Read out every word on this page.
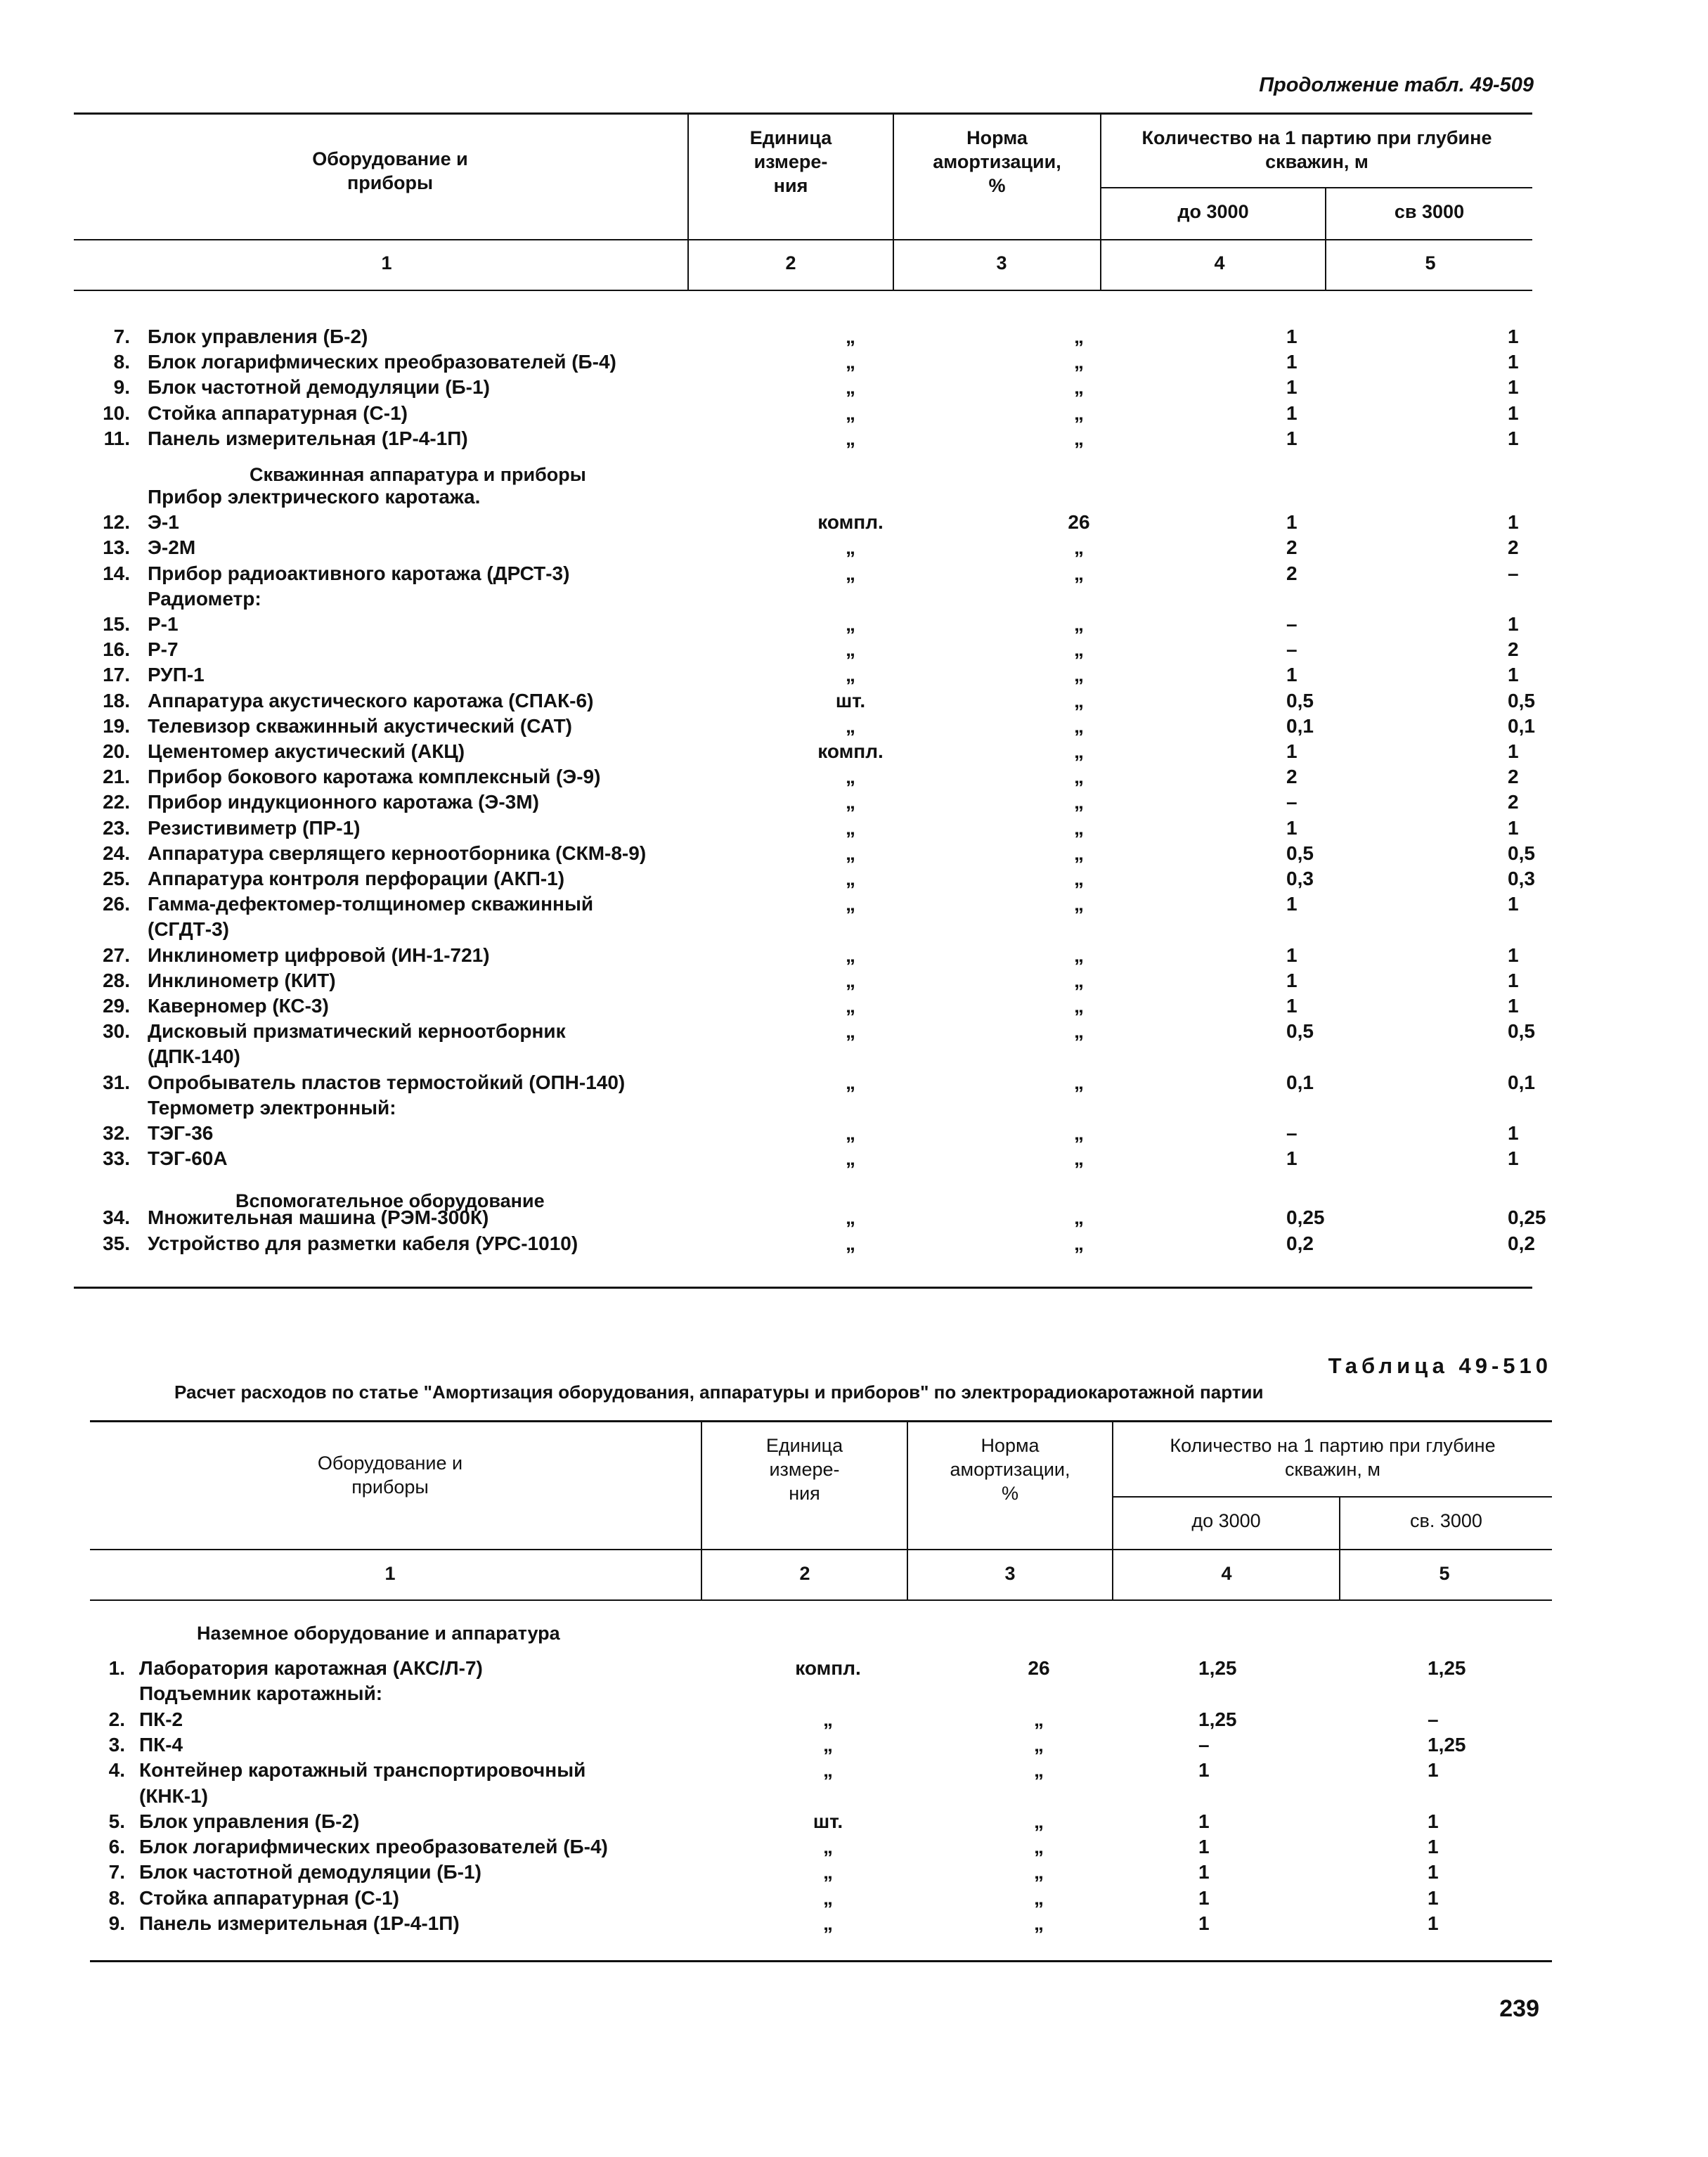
Продолжение табл. 49-509
Оборудование и
приборы
Единица
измере-
ния
Норма
амортизации,
%
Количество на 1 партию при глубине
скважин, м
до 3000	св 3000
1	2	3	4	5
7. Блок управления (Б-2)	„	„	1	1
8. Блок логарифмических преобразователей (Б-4)	„	„	1	1
9. Блок частотной демодуляции (Б-1)	„	„	1	1
10. Стойка аппаратурная (С-1)	„	„	1	1
11. Панель измерительная (1Р-4-1П)	„	„	1	1
Прибор электрического каротажа.
12. Э-1	компл.	26	1	1
13. Э-2М	„	„	2	2
14. Прибор радиоактивного каротажа (ДРСТ-3)	„	„	2	–
Радиометр:
15. Р-1	„	„	–	1
16. Р-7	„	„	–	2
17. РУП-1	„	„	1	1
18. Аппаратура акустического каротажа (СПАК-6)	шт.	„	0,5	0,5
19. Телевизор скважинный акустический (САТ)	„	„	0,1	0,1
20. Цементомер акустический (АКЦ)	компл.	„	1	1
21. Прибор бокового каротажа комплексный (Э-9)	„	„	2	2
22. Прибор индукционного каротажа (Э-3М)	„	„	–	2
23. Резистивиметр (ПР-1)	„	„	1	1
24. Аппаратура сверлящего керноотборника (СКМ-8-9)	„	„	0,5	0,5
25. Аппаратура контроля перфорации (АКП-1)	„	„	0,3	0,3
26. Гамма-дефектомер-толщиномер скважинный	„	„	1	1
(СГДТ-3)
27. Инклинометр цифровой (ИН-1-721)	„	„	1	1
28. Инклинометр (КИТ)	„	„	1	1
29. Каверномер (КС-3)	„	„	1	1
30. Дисковый призматический керноотборник	„	„	0,5	0,5
(ДПК-140)
31. Опробыватель пластов термостойкий (ОПН-140)	„	„	0,1	0,1
Термометр электронный:
32. ТЭГ-36	„	„	–	1
33. ТЭГ-60А	„	„	1	1
34. Множительная машина (РЭМ-300К)	„	„	0,25	0,25
35. Устройство для разметки кабеля (УРС-1010)	„	„	0,2	0,2
Скважинная аппаратура и приборы
Вспомогательное оборудование
Таблица 49-510
Расчет расходов по статье "Амортизация оборудования, аппаратуры и приборов" по электрорадиокаротажной партии
Оборудование и
приборы
Единица
измере-
ния
Норма
амортизации,
%
Количество на 1 партию при глубине
скважин, м
до 3000	св. 3000
1	2	3	4	5
Наземное оборудование и аппаратура
1. Лаборатория каротажная (АКС/Л-7)	компл.	26	1,25	1,25
Подъемник каротажный:
2. ПК-2	„	„	1,25	–
3. ПК-4	„	„	–	1,25
4. Контейнер каротажный транспортировочный	„	„	1	1
(КНК-1)
5. Блок управления (Б-2)	шт.	„	1	1
6. Блок логарифмических преобразователей (Б-4)	„	„	1	1
7. Блок частотной демодуляции (Б-1)	„	„	1	1
8. Стойка аппаратурная (С-1)	„	„	1	1
9. Панель измерительная (1Р-4-1П)	„	„	1	1
239
